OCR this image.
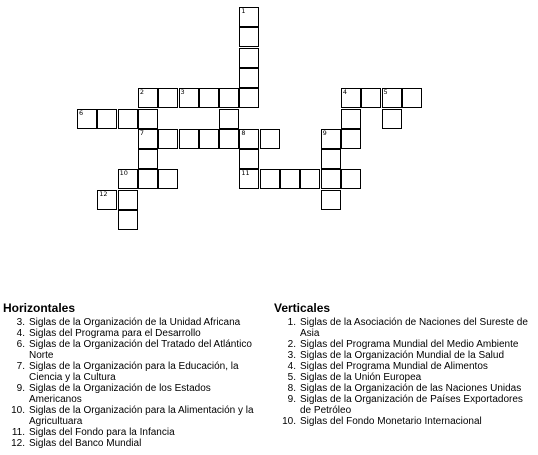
1
2	3	4	5
6
7	8	9
10	11
12
Horizontales
3. Siglas de la Organización de la Unidad Africana
4. Siglas del Programa para el Desarrollo
6. Siglas de la Organización del Tratado del Atlántico Norte
7. Siglas de la Organización para la Educación, la Ciencia y la Cultura
9. Siglas de la Organización de los Estados Americanos
10. Siglas de la Organización para la Alimentación y la Agricultuara
11. Siglas del Fondo para la Infancia
12. Siglas del Banco Mundial
Verticales
1. Siglas de la Asociación de Naciones del Sureste de Asia
2. Siglas del Programa Mundial del Medio Ambiente
3. Siglas de la Organización Mundial de la Salud
4. Siglas del Programa Mundial de Alimentos
5. Siglas de la Unión Europea
8. Siglas de la Organización de las Naciones Unidas
9. Siglas de la Organización de Países Exportadores de Petróleo
10. Siglas del Fondo Monetario Internacional
